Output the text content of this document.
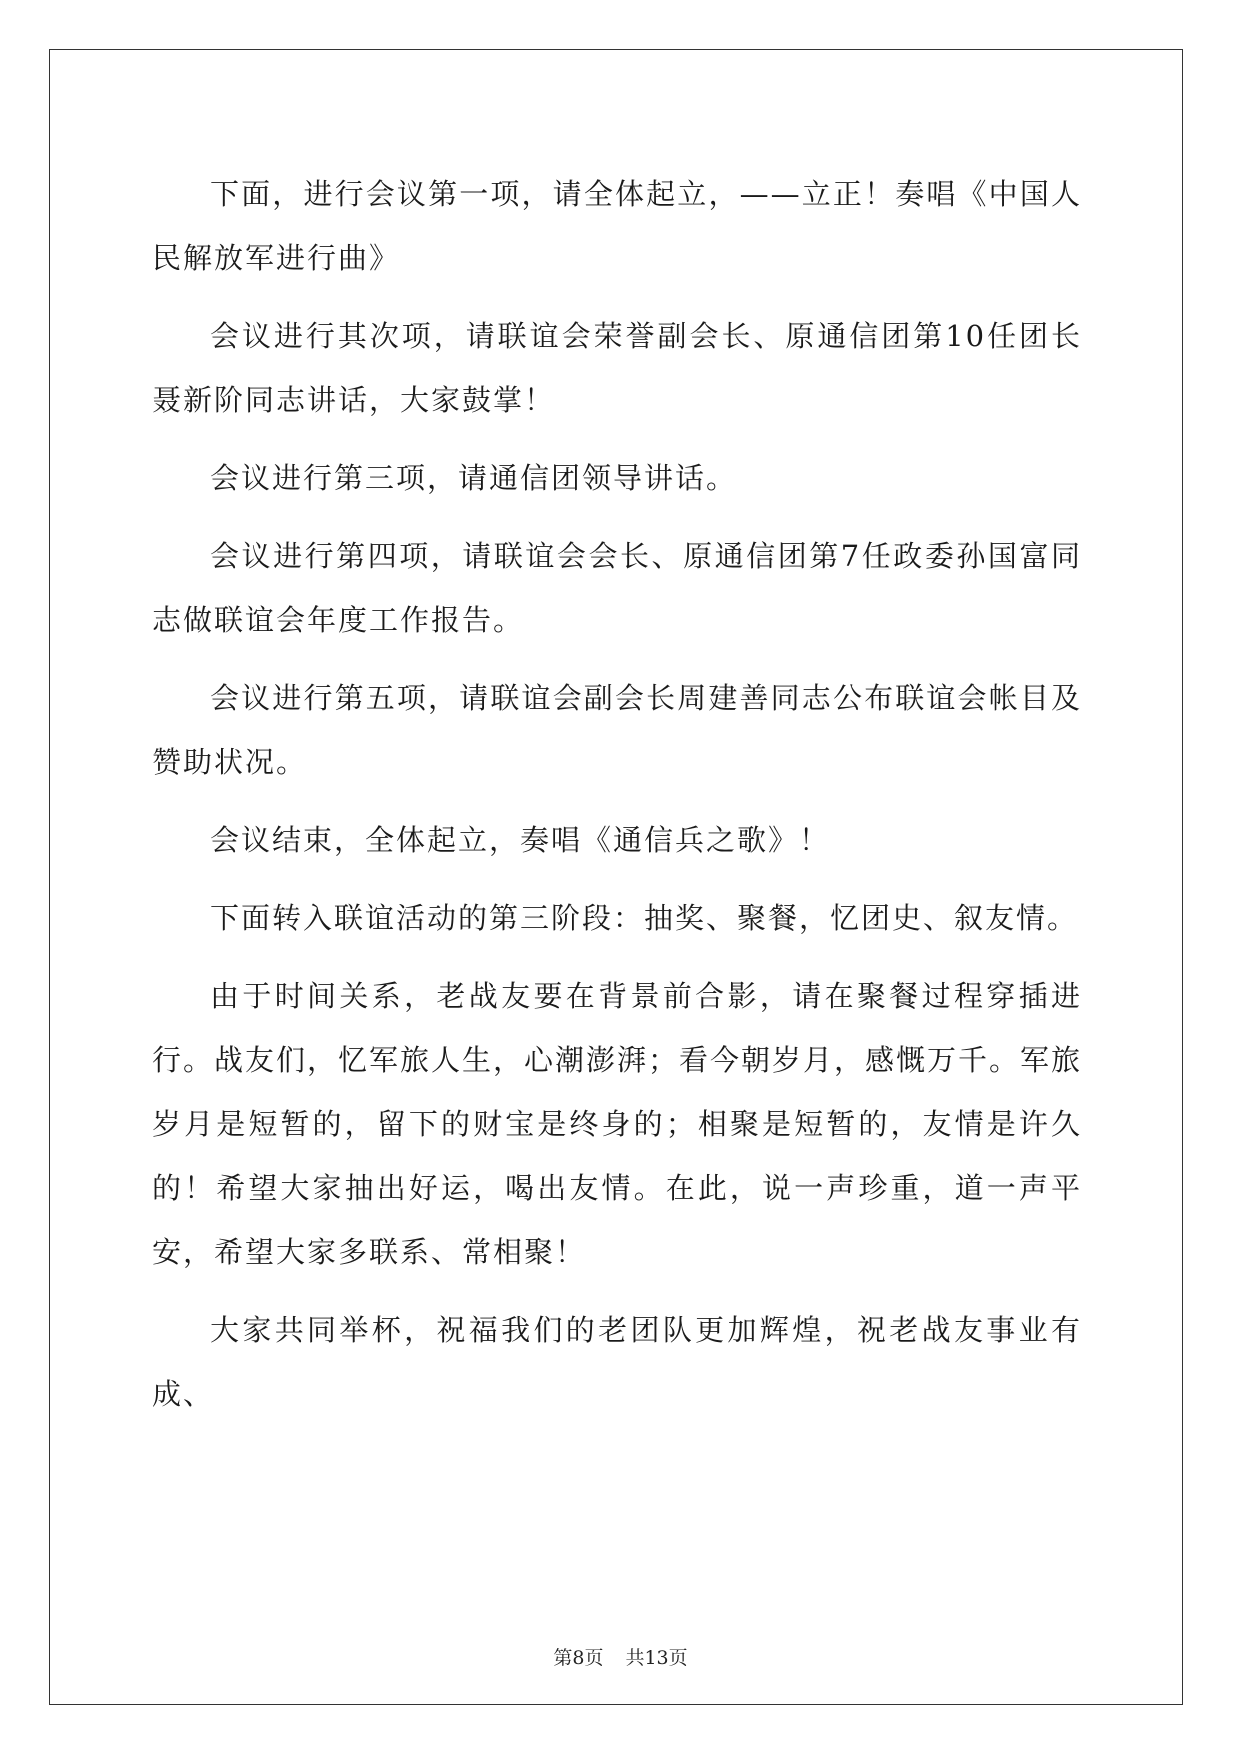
下面，进行会议第一项，请全体起立，——立正！奏唱《中国人民解放军进行曲》

会议进行其次项，请联谊会荣誉副会长、原通信团第10任团长聂新阶同志讲话，大家鼓掌！

会议进行第三项，请通信团领导讲话。

会议进行第四项，请联谊会会长、原通信团第7任政委孙国富同志做联谊会年度工作报告。

会议进行第五项，请联谊会副会长周建善同志公布联谊会帐目及赞助状况。

会议结束，全体起立，奏唱《通信兵之歌》！

下面转入联谊活动的第三阶段：抽奖、聚餐，忆团史、叙友情。

由于时间关系，老战友要在背景前合影，请在聚餐过程穿插进行。战友们，忆军旅人生，心潮澎湃；看今朝岁月，感慨万千。军旅岁月是短暂的，留下的财宝是终身的；相聚是短暂的，友情是许久的！希望大家抽出好运，喝出友情。在此，说一声珍重，道一声平安，希望大家多联系、常相聚！

大家共同举杯，祝福我们的老团队更加辉煌，祝老战友事业有成、

第8页 共13页
